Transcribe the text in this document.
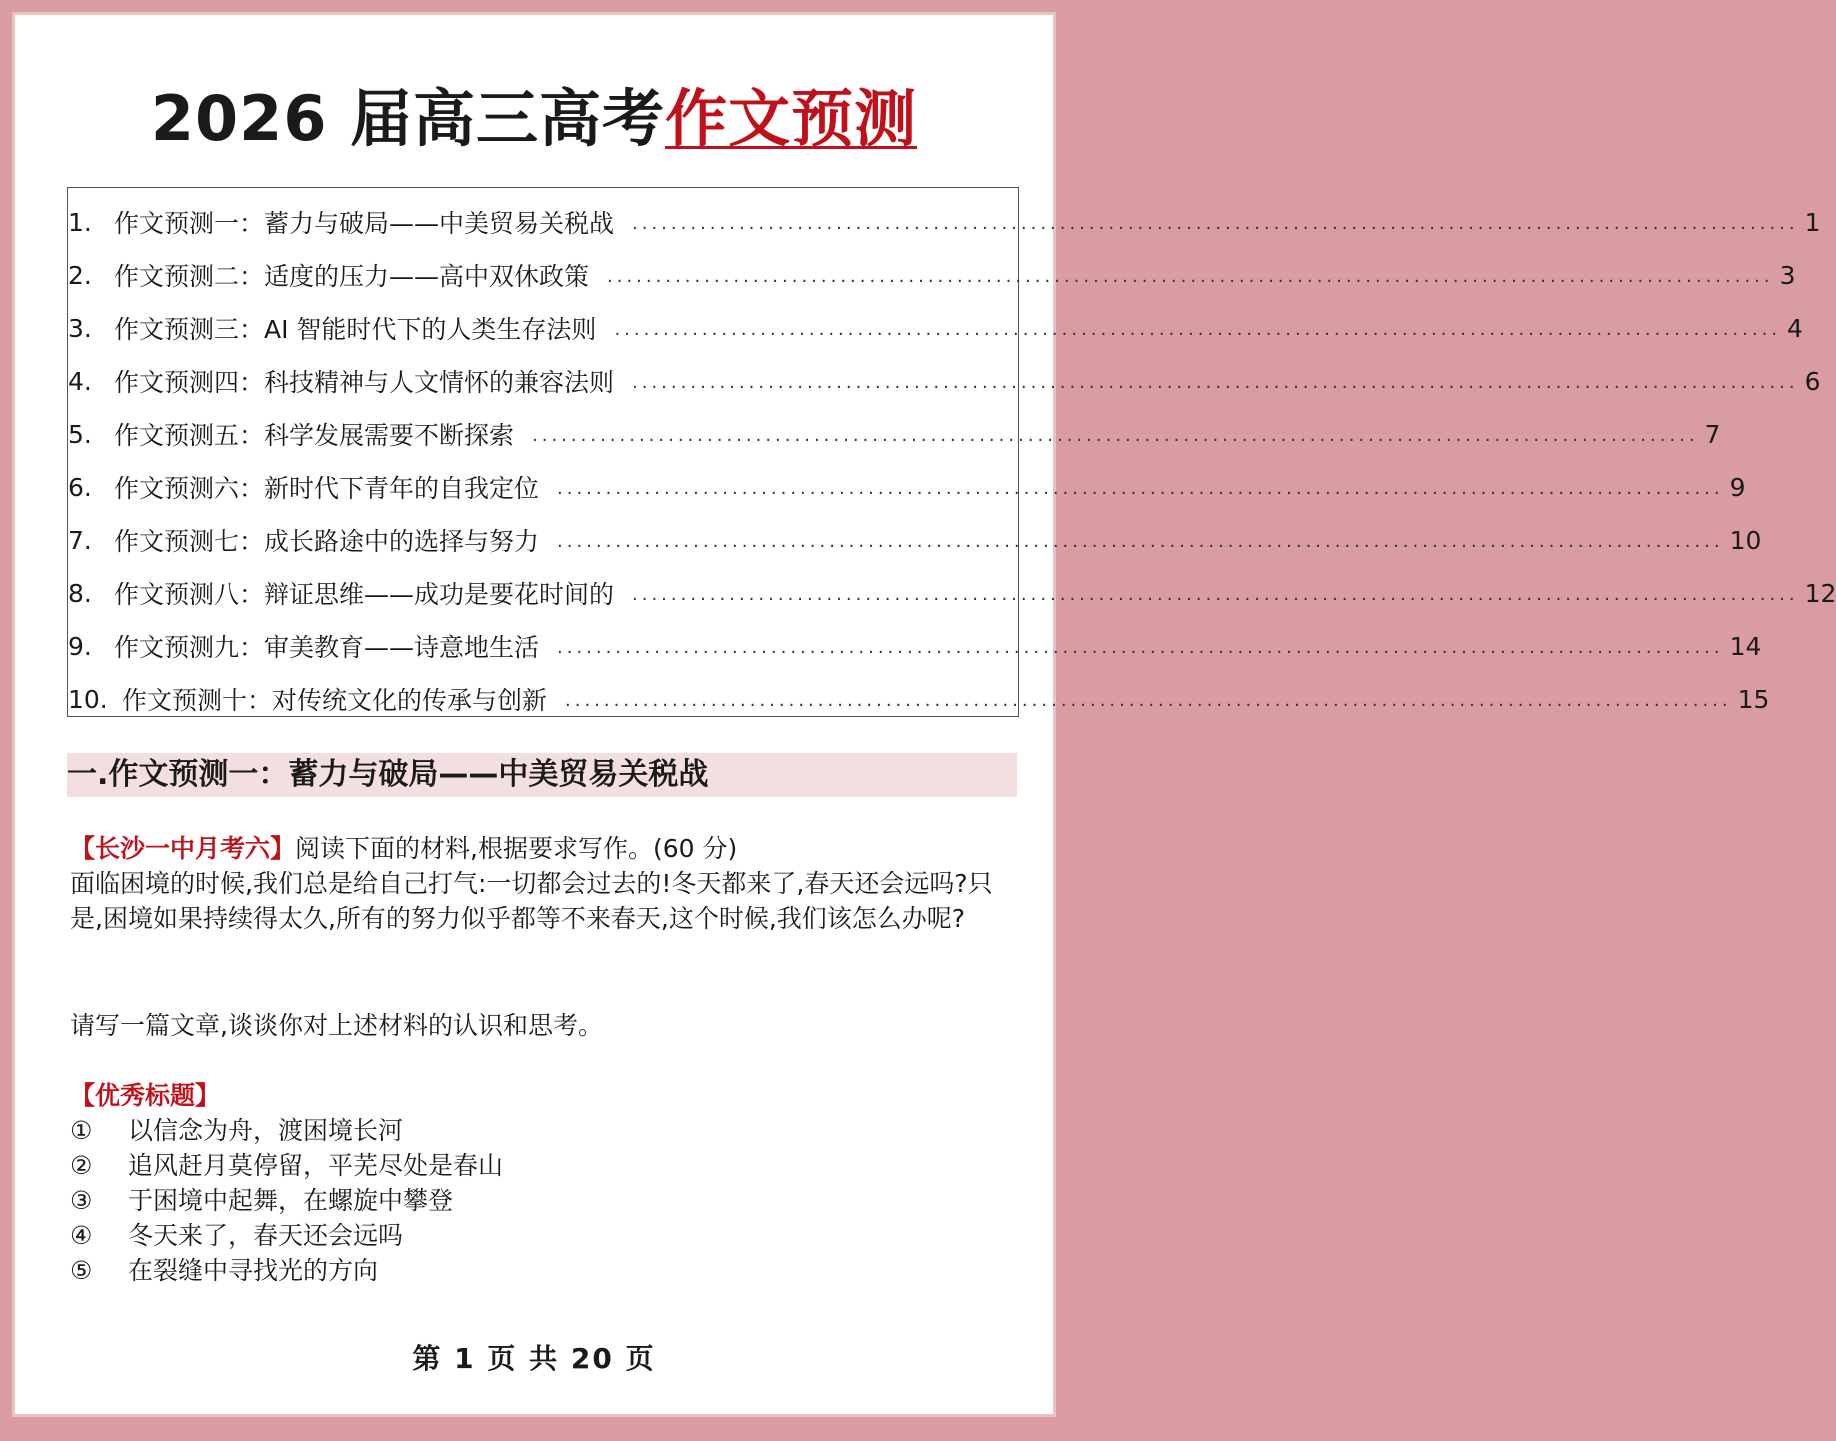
2026 届高三高考作文预测
1. 作文预测一：蓄力与破局——中美贸易关税战 ........................................................................................................................ 1
2. 作文预测二：适度的压力——高中双休政策 ........................................................................................................................ 3
3. 作文预测三：AI 智能时代下的人类生存法则 ........................................................................................................................ 4
4. 作文预测四：科技精神与人文情怀的兼容法则 ........................................................................................................................ 6
5. 作文预测五：科学发展需要不断探索 ........................................................................................................................ 7
6. 作文预测六：新时代下青年的自我定位 ........................................................................................................................ 9
7. 作文预测七：成长路途中的选择与努力 ........................................................................................................................ 10
8. 作文预测八：辩证思维——成功是要花时间的 ........................................................................................................................ 12
9. 作文预测九：审美教育——诗意地生活 ........................................................................................................................ 14
10. 作文预测十：对传统文化的传承与创新 ........................................................................................................................ 15
一.作文预测一：蓄力与破局——中美贸易关税战
【长沙一中月考六】阅读下面的材料,根据要求写作。(60 分)
面临困境的时候,我们总是给自己打气:一切都会过去的!冬天都来了,春天还会远吗?只是,困境如果持续得太久,所有的努力似乎都等不来春天,这个时候,我们该怎么办呢?
请写一篇文章,谈谈你对上述材料的认识和思考。
【优秀标题】
①	以信念为舟，渡困境长河
②	追风赶月莫停留，平芜尽处是春山
③	于困境中起舞，在螺旋中攀登
④	冬天来了，春天还会远吗
⑤	在裂缝中寻找光的方向
第 1 页 共 20 页
